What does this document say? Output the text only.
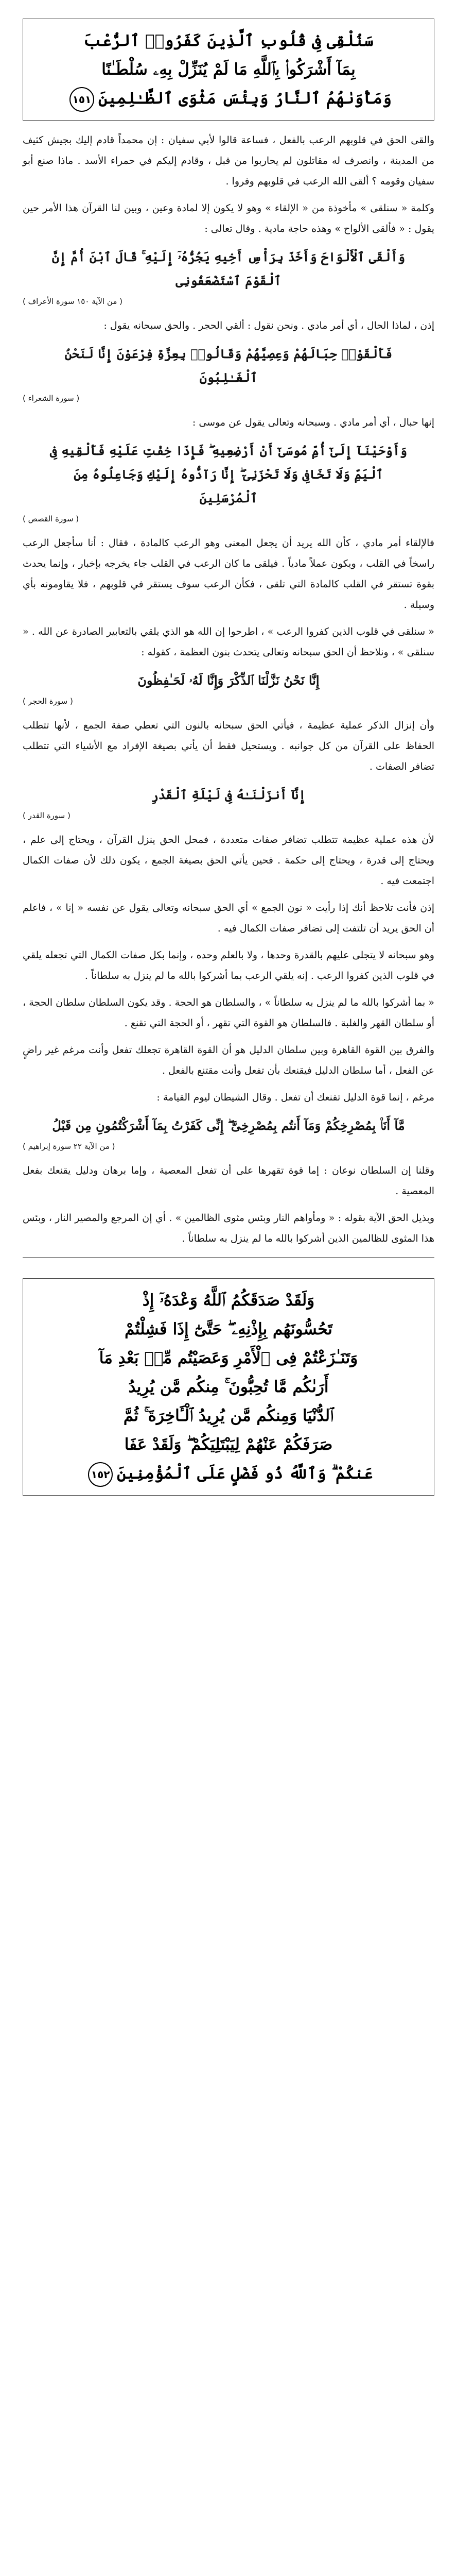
سَنُلْقِى فِى قُلُوبِ ٱلَّذِينَ كَفَرُوا۟ ٱلرُّعْبَ

بِمَآ أَشْرَكُوا۟ بِٱللَّهِ مَا لَمْ يُنَزِّلْ بِهِۦ سُلْطَـٰنًا

وَمَأْوَىٰهُمُ ٱلنَّارُ وَبِئْسَ مَثْوَى ٱلظَّـٰلِمِينَ١٥١

والقى الحق في قلوبهم الرعب بالفعل ، فساعة قالوا لأبي سفيان : إن محمداً قادم إليك بجيش كثيف من المدينة ، وانصرف له مقاتلون لم يحاربوا من قبل ، وقادم إليكم في حمراء الأسد . ماذا صنع أبو سفيان وقومه ؟ ألقى الله الرعب في قلوبهم وفروا .

وكلمة « سنلقى » مأخوذة من « الإلقاء » وهو لا يكون إلا لمادة وعين ، وبين لنا القرآن هذا الأمر حين يقول : « فألقى الألواح » وهذه حاجة مادية . وقال تعالى :

وَأَلْقَى ٱلْأَلْوَاحَ وَأَخَذَ بِرَأْسِ أَخِيهِ يَجُرُّهُۥٓ إِلَيْهِ ۚ قَالَ ٱبْنَ أُمَّ إِنَّ ٱلْقَوْمَ ٱسْتَضْعَفُونِى

( من الآية ١٥٠ سورة الأعراف )

إذن ، لماذا الحال ، أي أمر مادي . ونحن نقول : ألقي الحجر . والحق سبحانه يقول :

فَأَلْقَوْا۟ حِبَالَهُمْ وَعِصِيَّهُمْ وَقَالُوا۟ بِعِزَّةِ فِرْعَوْنَ إِنَّا لَنَحْنُ ٱلْغَـٰلِبُونَ

( سورة الشعراء )

إنها حبال ، أي أمر مادي . وسبحانه وتعالى يقول عن موسى :

وَأَوْحَيْنَآ إِلَىٰٓ أُمِّ مُوسَىٰٓ أَنْ أَرْضِعِيهِ ۖ فَإِذَا خِفْتِ عَلَيْهِ فَأَلْقِيهِ فِى ٱلْيَمِّ وَلَا تَخَافِى وَلَا تَحْزَنِىٓ ۖ إِنَّا رَآدُّوهُ إِلَيْكِ وَجَاعِلُوهُ مِنَ ٱلْمُرْسَلِينَ

( سورة القصص )

فالإلقاء أمر مادي ، كأن الله يريد أن يجعل المعنى وهو الرعب كالمادة ، فقال : أنا سأجعل الرعب راسخاً في القلب ، ويكون عملاً مادياً . فيلقى ما كان الرعب في القلب جاء يخرجه بإخبار ، وإنما يحدث بقوة تستقر في القلب كالمادة التي تلقى ، فكأن الرعب سوف يستقر في قلوبهم ، فلا يقاومونه بأي وسيلة .

« سنلقى في قلوب الذين كفروا الرعب » ، اطرحوا إن الله هو الذي يلقي بالتعابير الصادرة عن الله . « سنلقى » ، ونلاحظ أن الحق سبحانه وتعالى يتحدث بنون العظمة ، كقوله :

إِنَّا نَحْنُ نَزَّلْنَا ٱلذِّكْرَ وَإِنَّا لَهُۥ لَحَـٰفِظُونَ

( سورة الحجر )

وأن إنزال الذكر عملية عظيمة ، فيأتي الحق سبحانه بالنون التي تعطي صفة الجمع ، لأنها تتطلب الحفاظ على القرآن من كل جوانبه . ويستحيل فقط أن يأتي بصيغة الإفراد مع الأشياء التي تتطلب تضافر الصفات .

إِنَّآ أَنزَلْنَـٰهُ فِى لَيْلَةِ ٱلْقَدْرِ

( سورة القدر )

لأن هذه عملية عظيمة تتطلب تضافر صفات متعددة ، فمحل الحق ينزل القرآن ، ويحتاج إلى علم ، ويحتاج إلى قدرة ، ويحتاج إلى حكمة . فحين يأتي الحق بصيغة الجمع ، يكون ذلك لأن صفات الكمال اجتمعت فيه .

إذن فأنت تلاحظ أنك إذا رأيت « نون الجمع » أي الحق سبحانه وتعالى يقول عن نفسه « إنا » ، فاعلم أن الحق يريد أن تلتفت إلى تضافر صفات الكمال فيه .

وهو سبحانه لا يتجلى عليهم بالقدرة وحدها ، ولا بالعلم وحده ، وإنما بكل صفات الكمال التي تجعله يلقي في قلوب الذين كفروا الرعب . إنه يلقي الرعب بما أشركوا بالله ما لم ينزل به سلطاناً .

« بما أشركوا بالله ما لم ينزل به سلطاناً » ، والسلطان هو الحجة . وقد يكون السلطان سلطان الحجة ، أو سلطان القهر والغلبة . فالسلطان هو القوة التي تقهر ، أو الحجة التي تقنع .

والفرق بين القوة القاهرة وبين سلطان الدليل هو أن القوة القاهرة تجعلك تفعل وأنت مرغم غير راضٍ عن الفعل ، أما سلطان الدليل فيقنعك بأن تفعل وأنت مقتنع بالفعل .

مرغم ، إنما قوة الدليل تقنعك أن تفعل . وقال الشيطان ليوم القيامة :

مَّآ أَنَا۠ بِمُصْرِخِكُمْ وَمَآ أَنتُم بِمُصْرِخِىَّ ۖ إِنِّى كَفَرْتُ بِمَآ أَشْرَكْتُمُونِ مِن قَبْلُ

( من الآية ٢٢ سورة إبراهيم )

وقلنا إن السلطان نوعان : إما قوة تقهرها على أن تفعل المعصية ، وإما برهان ودليل يقنعك بفعل المعصية .

وبذيل الحق الآية بقوله : « ومأواهم النار وبئس مثوى الظالمين » . أي إن المرجع والمصير النار ، وبئس هذا المثوى للظالمين الذين أشركوا بالله ما لم ينزل به سلطاناً .

وَلَقَدْ صَدَقَكُمُ ٱللَّهُ وَعْدَهُۥٓ إِذْ

تَحُسُّونَهُم بِإِذْنِهِۦ ۖ حَتَّىٰٓ إِذَا فَشِلْتُمْ

وَتَنَـٰزَعْتُمْ فِى ٱلْأَمْرِ وَعَصَيْتُم مِّنۢ بَعْدِ مَآ

أَرَىٰكُم مَّا تُحِبُّونَ ۚ مِنكُم مَّن يُرِيدُ

ٱلدُّنْيَا وَمِنكُم مَّن يُرِيدُ ٱلْـَٔاخِرَةَ ۚ ثُمَّ

صَرَفَكُمْ عَنْهُمْ لِيَبْتَلِيَكُمْ ۖ وَلَقَدْ عَفَا

عَنكُمْ ۗ وَٱللَّهُ ذُو فَضْلٍ عَلَى ٱلْمُؤْمِنِينَ١٥٢
